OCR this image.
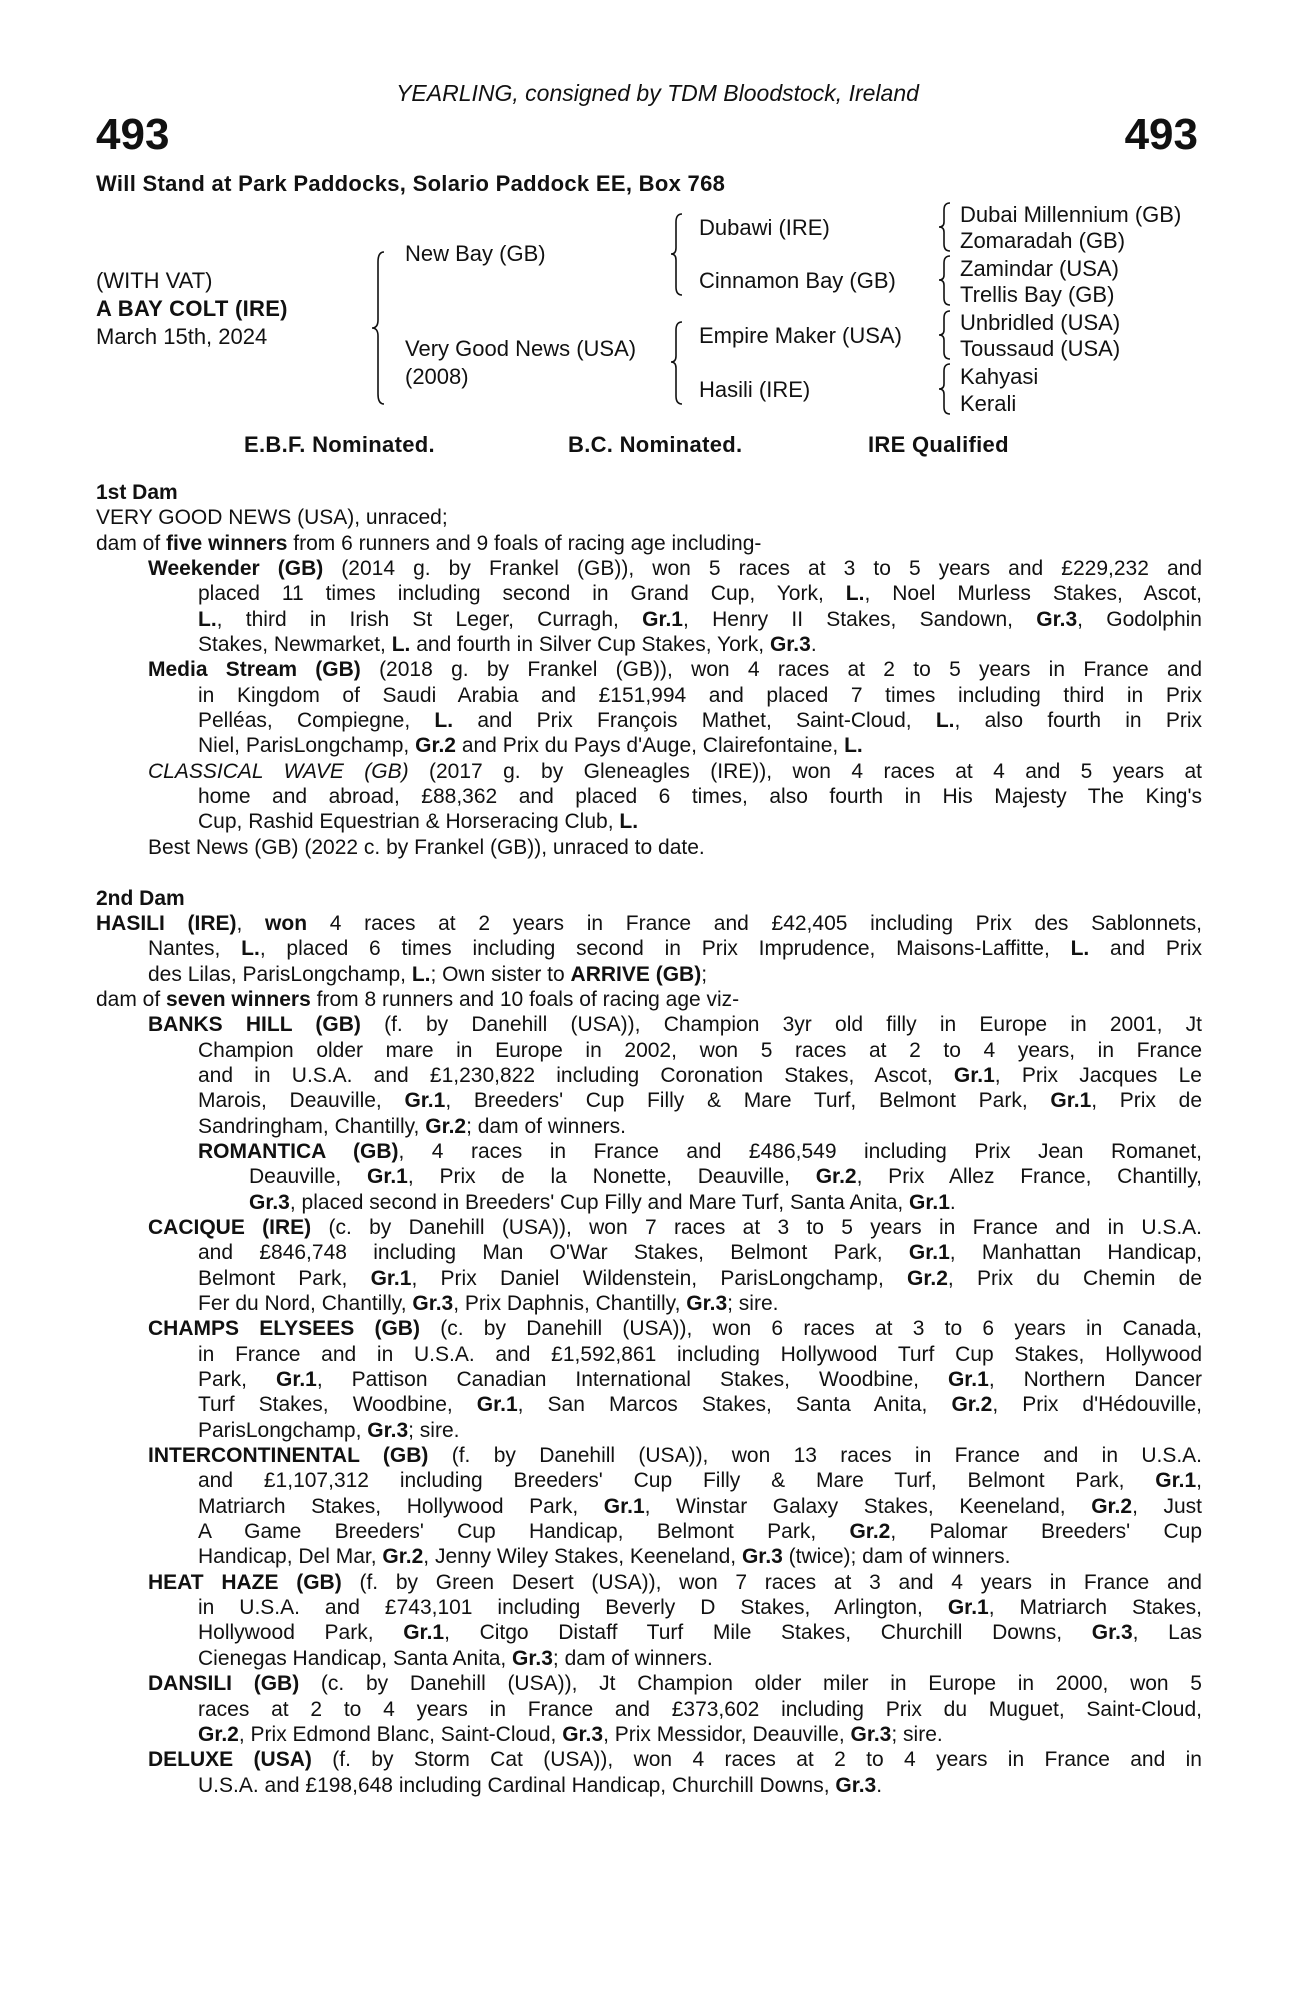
YEARLING, consigned by TDM Bloodstock, Ireland
493	493
Will Stand at Park Paddocks, Solario Paddock EE, Box 768
(WITH VAT)
A BAY COLT (IRE)
March 15th, 2024
New Bay (GB)
Very Good News (USA)
(2008)
Dubawi (IRE)
Cinnamon Bay (GB)
Empire Maker (USA)
Hasili (IRE)
Dubai Millennium (GB)
Zomaradah (GB)
Zamindar (USA)
Trellis Bay (GB)
Unbridled (USA)
Toussaud (USA)
Kahyasi
Kerali
E.B.F. Nominated.	B.C. Nominated.	IRE Qualified
1st Dam
VERY GOOD NEWS (USA), unraced;
dam of five winners from 6 runners and 9 foals of racing age including-
Weekender (GB) (2014 g. by Frankel (GB)), won 5 races at 3 to 5 years and £229,232 and
placed 11 times including second in Grand Cup, York, L., Noel Murless Stakes, Ascot,
L., third in Irish St Leger, Curragh, Gr.1, Henry II Stakes, Sandown, Gr.3, Godolphin
Stakes, Newmarket, L. and fourth in Silver Cup Stakes, York, Gr.3.
Media Stream (GB) (2018 g. by Frankel (GB)), won 4 races at 2 to 5 years in France and
in Kingdom of Saudi Arabia and £151,994 and placed 7 times including third in Prix
Pelléas, Compiegne, L. and Prix François Mathet, Saint-Cloud, L., also fourth in Prix
Niel, ParisLongchamp, Gr.2 and Prix du Pays d'Auge, Clairefontaine, L.
CLASSICAL WAVE (GB) (2017 g. by Gleneagles (IRE)), won 4 races at 4 and 5 years at
home and abroad, £88,362 and placed 6 times, also fourth in His Majesty The King's
Cup, Rashid Equestrian & Horseracing Club, L.
Best News (GB) (2022 c. by Frankel (GB)), unraced to date.
2nd Dam
HASILI (IRE), won 4 races at 2 years in France and £42,405 including Prix des Sablonnets,
Nantes, L., placed 6 times including second in Prix Imprudence, Maisons-Laffitte, L. and Prix
des Lilas, ParisLongchamp, L.; Own sister to ARRIVE (GB);
dam of seven winners from 8 runners and 10 foals of racing age viz-
BANKS HILL (GB) (f. by Danehill (USA)), Champion 3yr old filly in Europe in 2001, Jt
Champion older mare in Europe in 2002, won 5 races at 2 to 4 years, in France
and in U.S.A. and £1,230,822 including Coronation Stakes, Ascot, Gr.1, Prix Jacques Le
Marois, Deauville, Gr.1, Breeders' Cup Filly & Mare Turf, Belmont Park, Gr.1, Prix de
Sandringham, Chantilly, Gr.2; dam of winners.
ROMANTICA (GB), 4 races in France and £486,549 including Prix Jean Romanet,
Deauville, Gr.1, Prix de la Nonette, Deauville, Gr.2, Prix Allez France, Chantilly,
Gr.3, placed second in Breeders' Cup Filly and Mare Turf, Santa Anita, Gr.1.
CACIQUE (IRE) (c. by Danehill (USA)), won 7 races at 3 to 5 years in France and in U.S.A.
and £846,748 including Man O'War Stakes, Belmont Park, Gr.1, Manhattan Handicap,
Belmont Park, Gr.1, Prix Daniel Wildenstein, ParisLongchamp, Gr.2, Prix du Chemin de
Fer du Nord, Chantilly, Gr.3, Prix Daphnis, Chantilly, Gr.3; sire.
CHAMPS ELYSEES (GB) (c. by Danehill (USA)), won 6 races at 3 to 6 years in Canada,
in France and in U.S.A. and £1,592,861 including Hollywood Turf Cup Stakes, Hollywood
Park, Gr.1, Pattison Canadian International Stakes, Woodbine, Gr.1, Northern Dancer
Turf Stakes, Woodbine, Gr.1, San Marcos Stakes, Santa Anita, Gr.2, Prix d'Hédouville,
ParisLongchamp, Gr.3; sire.
INTERCONTINENTAL (GB) (f. by Danehill (USA)), won 13 races in France and in U.S.A.
and £1,107,312 including Breeders' Cup Filly & Mare Turf, Belmont Park, Gr.1,
Matriarch Stakes, Hollywood Park, Gr.1, Winstar Galaxy Stakes, Keeneland, Gr.2, Just
A Game Breeders' Cup Handicap, Belmont Park, Gr.2, Palomar Breeders' Cup
Handicap, Del Mar, Gr.2, Jenny Wiley Stakes, Keeneland, Gr.3 (twice); dam of winners.
HEAT HAZE (GB) (f. by Green Desert (USA)), won 7 races at 3 and 4 years in France and
in U.S.A. and £743,101 including Beverly D Stakes, Arlington, Gr.1, Matriarch Stakes,
Hollywood Park, Gr.1, Citgo Distaff Turf Mile Stakes, Churchill Downs, Gr.3, Las
Cienegas Handicap, Santa Anita, Gr.3; dam of winners.
DANSILI (GB) (c. by Danehill (USA)), Jt Champion older miler in Europe in 2000, won 5
races at 2 to 4 years in France and £373,602 including Prix du Muguet, Saint-Cloud,
Gr.2, Prix Edmond Blanc, Saint-Cloud, Gr.3, Prix Messidor, Deauville, Gr.3; sire.
DELUXE (USA) (f. by Storm Cat (USA)), won 4 races at 2 to 4 years in France and in
U.S.A. and £198,648 including Cardinal Handicap, Churchill Downs, Gr.3.
